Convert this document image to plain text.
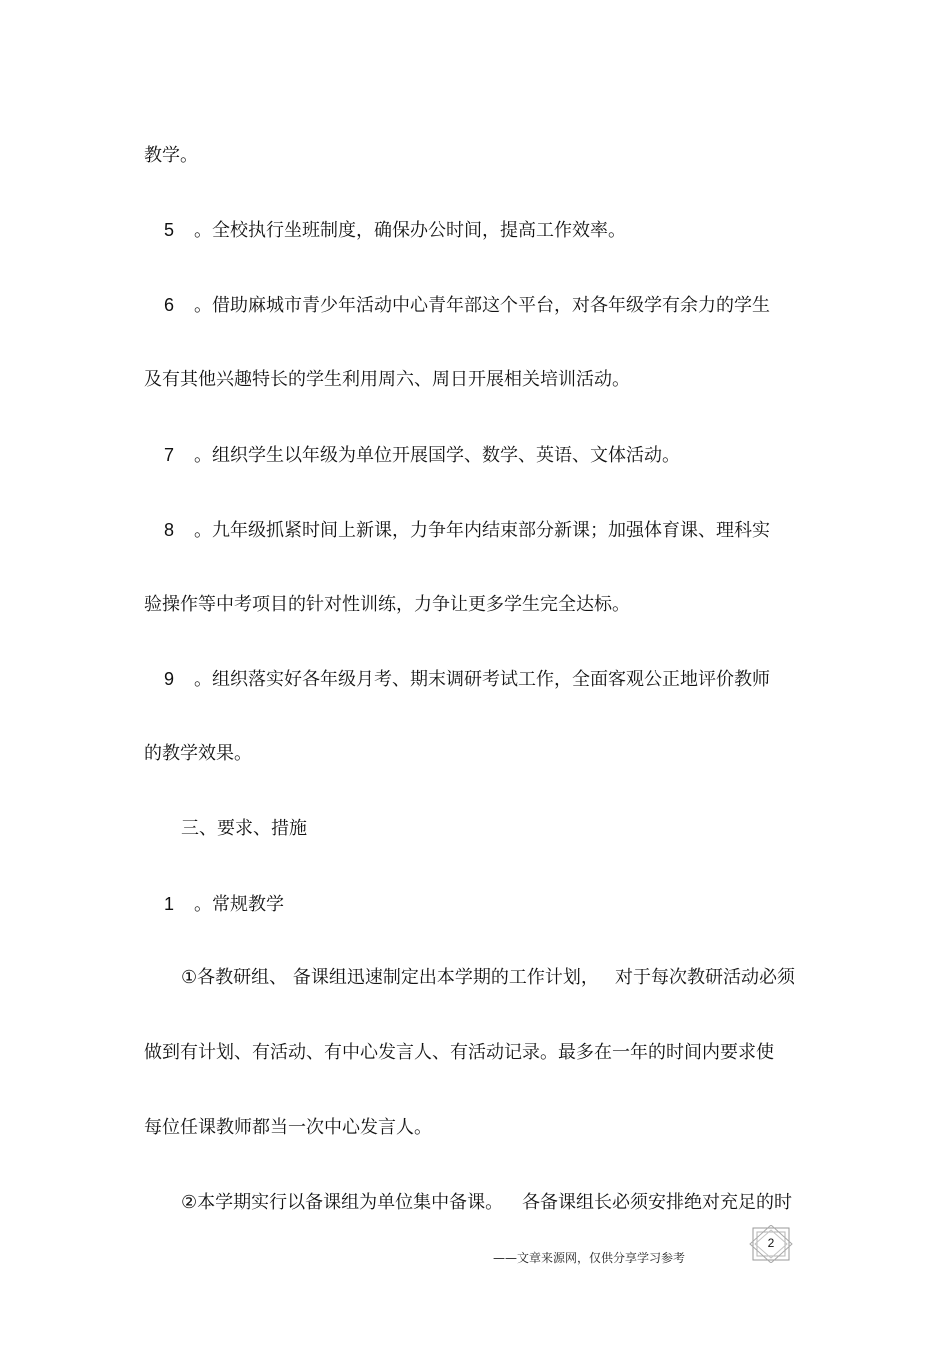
教学。
5 。全校执行坐班制度，确保办公时间，提高工作效率。
6 。借助麻城市青少年活动中心青年部这个平台，对各年级学有余力的学生
及有其他兴趣特长的学生利用周六、周日开展相关培训活动。
7 。组织学生以年级为单位开展国学、数学、英语、文体活动。
8 。九年级抓紧时间上新课，力争年内结束部分新课；加强体育课、理科实
验操作等中考项目的针对性训练，力争让更多学生完全达标。
9 。组织落实好各年级月考、期末调研考试工作，全面客观公正地评价教师
的教学效果。
三、要求、措施
1 。常规教学
①各教研组、 备课组迅速制定出本学期的工作计划， 对于每次教研活动必须
做到有计划、有活动、有中心发言人、有活动记录。最多在一年的时间内要求使
每位任课教师都当一次中心发言人。
②本学期实行以备课组为单位集中备课。 各备课组长必须安排绝对充足的时
——文章来源网，仅供分享学习参考
2
